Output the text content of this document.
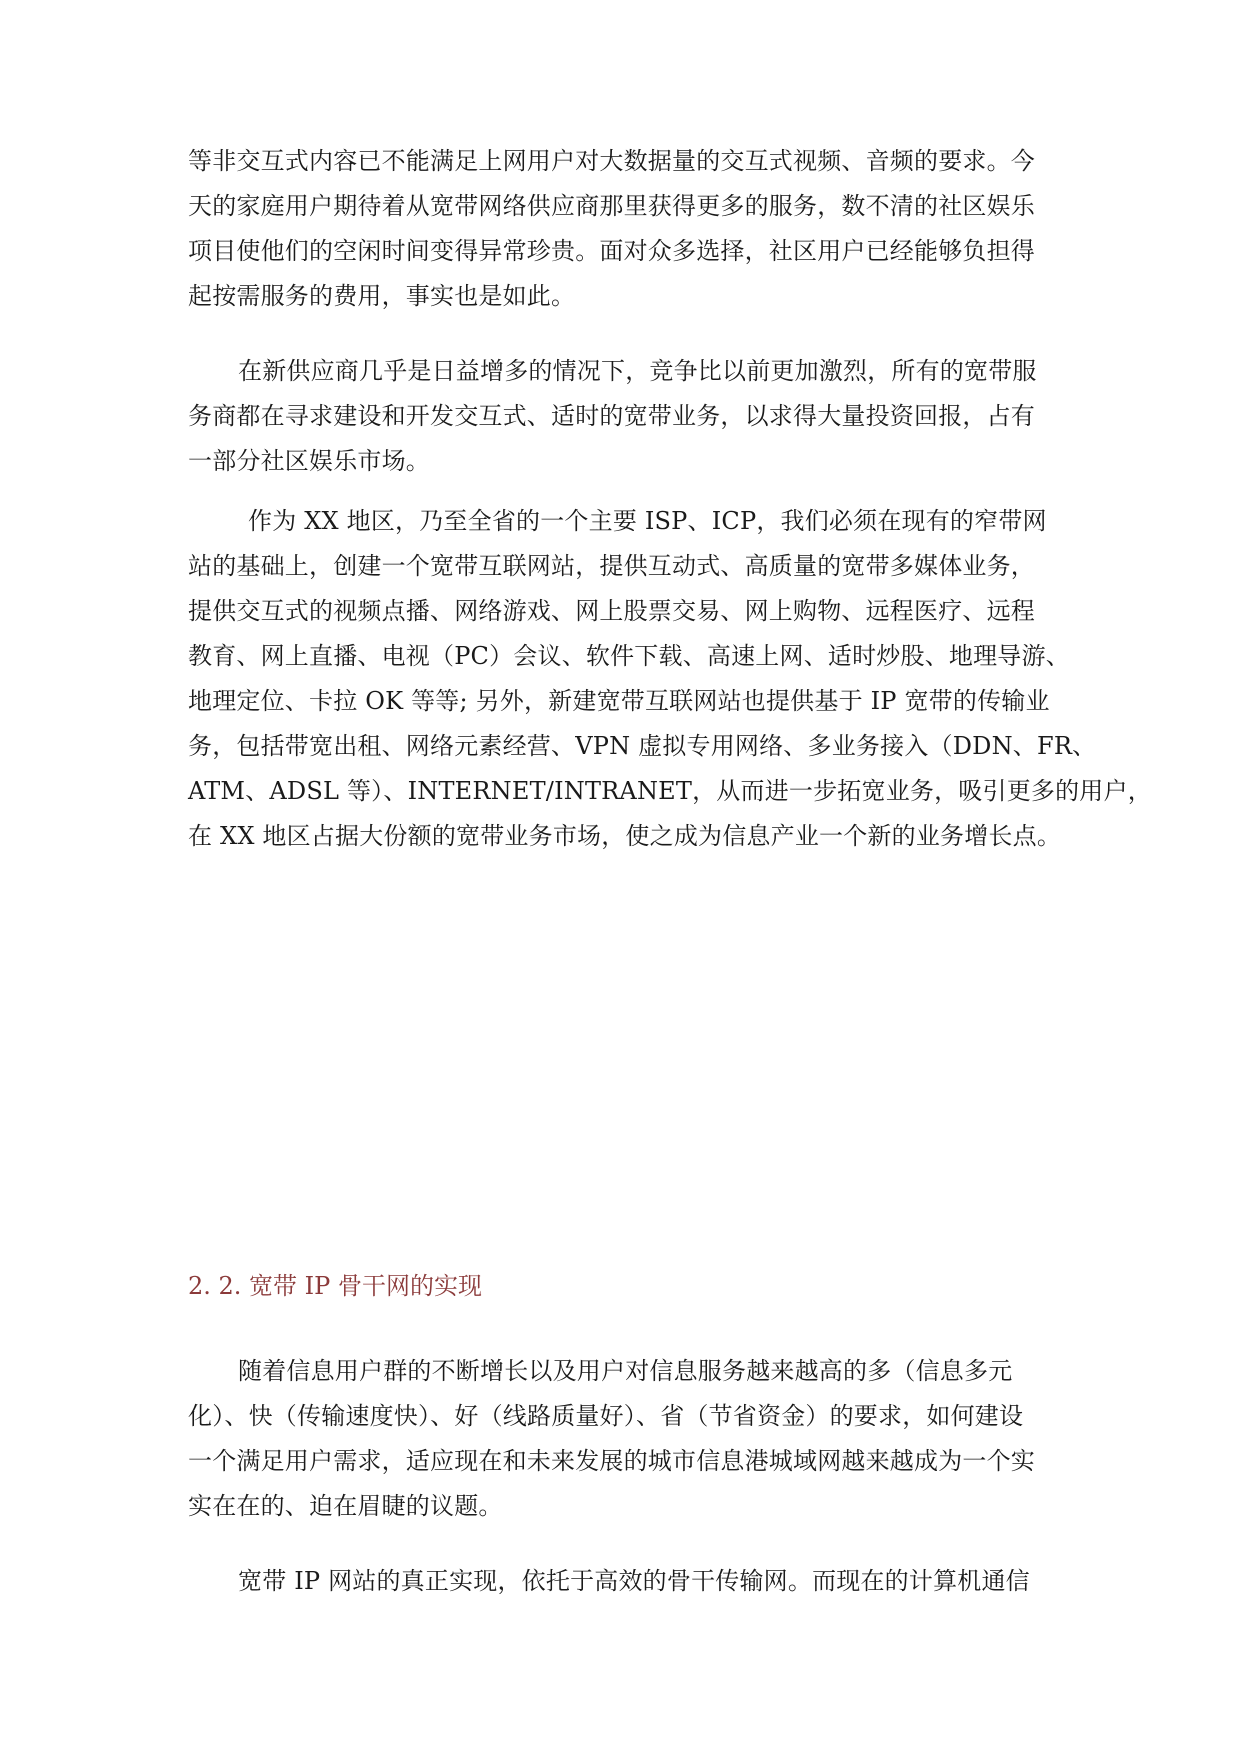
等非交互式内容已不能满足上网用户对大数据量的交互式视频、音频的要求。今
天的家庭用户期待着从宽带网络供应商那里获得更多的服务，数不清的社区娱乐
项目使他们的空闲时间变得异常珍贵。面对众多选择，社区用户已经能够负担得
起按需服务的费用，事实也是如此。
在新供应商几乎是日益增多的情况下，竞争比以前更加激烈，所有的宽带服
务商都在寻求建设和开发交互式、适时的宽带业务，以求得大量投资回报，占有
一部分社区娱乐市场。
作为 XX 地区，乃至全省的一个主要 ISP、ICP，我们必须在现有的窄带网
站的基础上，创建一个宽带互联网站，提供互动式、高质量的宽带多媒体业务，
提供交互式的视频点播、网络游戏、网上股票交易、网上购物、远程医疗、远程
教育、网上直播、电视（PC）会议、软件下载、高速上网、适时炒股、地理导游、
地理定位、卡拉 OK 等等; 另外，新建宽带互联网站也提供基于 IP 宽带的传输业
务，包括带宽出租、网络元素经营、VPN 虚拟专用网络、多业务接入（DDN、FR、
ATM、ADSL 等）、INTERNET/INTRANET，从而进一步拓宽业务，吸引更多的用户，
在 XX 地区占据大份额的宽带业务市场，使之成为信息产业一个新的业务增长点。
2. 2. 宽带 IP 骨干网的实现
随着信息用户群的不断增长以及用户对信息服务越来越高的多（信息多元
化）、快（传输速度快）、好（线路质量好）、省（节省资金）的要求，如何建设
一个满足用户需求，适应现在和未来发展的城市信息港城域网越来越成为一个实
实在在的、迫在眉睫的议题。
宽带 IP 网站的真正实现，依托于高效的骨干传输网。而现在的计算机通信
